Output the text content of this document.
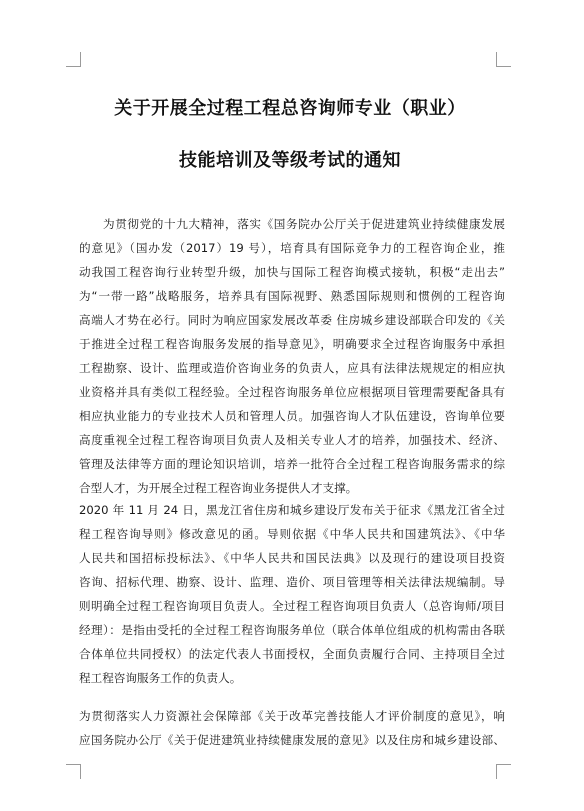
关于开展全过程工程总咨询师专业（职业）
技能培训及等级考试的通知
为贯彻党的十九大精神，落实《国务院办公厅关于促进建筑业持续健康发展
的意见》（国办发（2017）19 号），培育具有国际竞争力的工程咨询企业，推
动我国工程咨询行业转型升级，加快与国际工程咨询模式接轨，积极“走出去”
为“一带一路”战略服务，培养具有国际视野、熟悉国际规则和惯例的工程咨询
高端人才势在必行。同时为响应国家发展改革委 住房城乡建设部联合印发的《关
于推进全过程工程咨询服务发展的指导意见》，明确要求全过程咨询服务中承担
工程勘察、设计、监理或造价咨询业务的负责人，应具有法律法规规定的相应执
业资格并具有类似工程经验。全过程咨询服务单位应根据项目管理需要配备具有
相应执业能力的专业技术人员和管理人员。加强咨询人才队伍建设，咨询单位要
高度重视全过程工程咨询项目负责人及相关专业人才的培养，加强技术、经济、
管理及法律等方面的理论知识培训，培养一批符合全过程工程咨询服务需求的综
合型人才，为开展全过程工程咨询业务提供人才支撑。
2020 年 11 月 24 日，黑龙江省住房和城乡建设厅发布关于征求《黑龙江省全过
程工程咨询导则》修改意见的函。导则依据《中华人民共和国建筑法》、《中华
人民共和国招标投标法》、《中华人民共和国民法典》以及现行的建设项目投资
咨询、招标代理、勘察、设计、监理、造价、项目管理等相关法律法规编制。导
则明确全过程工程咨询项目负责人。全过程工程咨询项目负责人（总咨询师/项目
经理）：是指由受托的全过程工程咨询服务单位（联合体单位组成的机构需由各联
合体单位共同授权）的法定代表人书面授权，全面负责履行合同、主持项目全过
程工程咨询服务工作的负责人。
为贯彻落实人力资源社会保障部《关于改革完善技能人才评价制度的意见》，响
应国务院办公厅《关于促进建筑业持续健康发展的意见》以及住房和城乡建设部、
